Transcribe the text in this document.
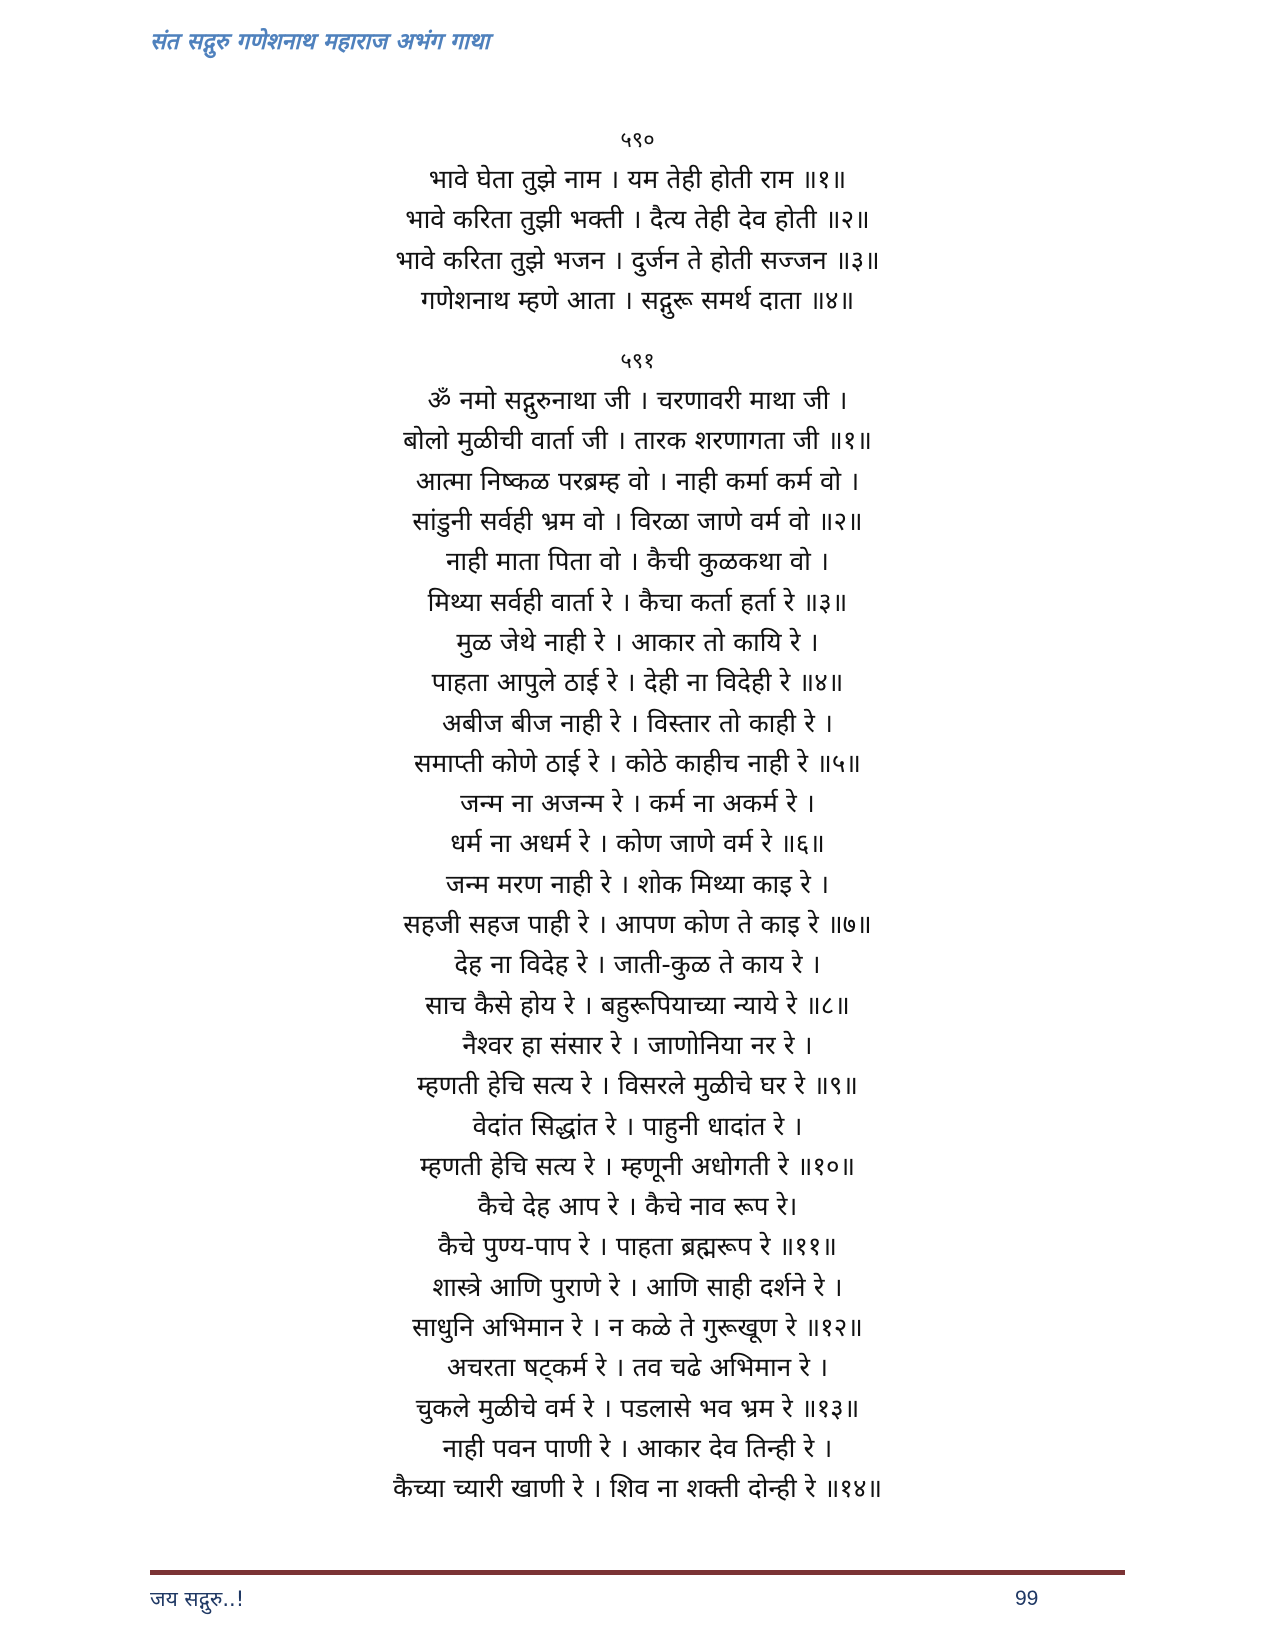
संत सद्गुरु गणेशनाथ महाराज अभंग गाथा
५९०
भावे घेता तुझे नाम । यम तेही होती राम ॥१॥
भावे करिता तुझी भक्ती । दैत्य तेही देव होती ॥२॥
भावे करिता तुझे भजन । दुर्जन ते होती सज्जन ॥३॥
गणेशनाथ म्हणे आता । सद्गुरू समर्थ दाता ॥४॥
५९१
ॐ नमो सद्गुरुनाथा जी । चरणावरी माथा जी ।
बोलो मुळीची वार्ता जी । तारक शरणागता जी ॥१॥
आत्मा निष्कळ परब्रम्ह वो । नाही कर्मा कर्म वो ।
सांडुनी सर्वही भ्रम वो । विरळा जाणे वर्म वो ॥२॥
नाही माता पिता वो । कैची कुळकथा वो ।
मिथ्या सर्वही वार्ता रे । कैचा कर्ता हर्ता रे ॥३॥
मुळ जेथे नाही रे । आकार तो कायि रे ।
पाहता आपुले ठाई रे । देही ना विदेही रे ॥४॥
अबीज बीज नाही रे । विस्तार तो काही रे ।
समाप्ती कोणे ठाई रे । कोठे काहीच नाही रे ॥५॥
जन्म ना अजन्म रे । कर्म ना अकर्म रे ।
धर्म ना अधर्म रे । कोण जाणे वर्म रे ॥६॥
जन्म मरण नाही रे । शोक मिथ्या काइ रे ।
सहजी सहज पाही रे । आपण कोण ते काइ रे ॥७॥
देह ना विदेह रे । जाती-कुळ ते काय रे ।
साच कैसे होय रे । बहुरूपियाच्या न्याये रे ॥८॥
नैश्वर हा संसार रे । जाणोनिया नर रे ।
म्हणती हेचि सत्य रे । विसरले मुळीचे घर रे ॥९॥
वेदांत सिद्धांत रे । पाहुनी धादांत रे ।
म्हणती हेचि सत्य रे । म्हणूनी अधोगती रे ॥१०॥
कैचे देह आप रे । कैचे नाव रूप रे।
कैचे पुण्य-पाप रे । पाहता ब्रह्मरूप रे ॥११॥
शास्त्रे आणि पुराणे रे । आणि साही दर्शने रे ।
साधुनि अभिमान रे । न कळे ते गुरूखूण रे ॥१२॥
अचरता षट्कर्म रे । तव चढे अभिमान रे ।
चुकले मुळीचे वर्म रे । पडलासे भव भ्रम रे ॥१३॥
नाही पवन पाणी रे । आकार देव तिन्ही रे ।
कैच्या च्यारी खाणी रे । शिव ना शक्ती दोन्ही रे ॥१४॥
जय सद्गुरु..!	99
